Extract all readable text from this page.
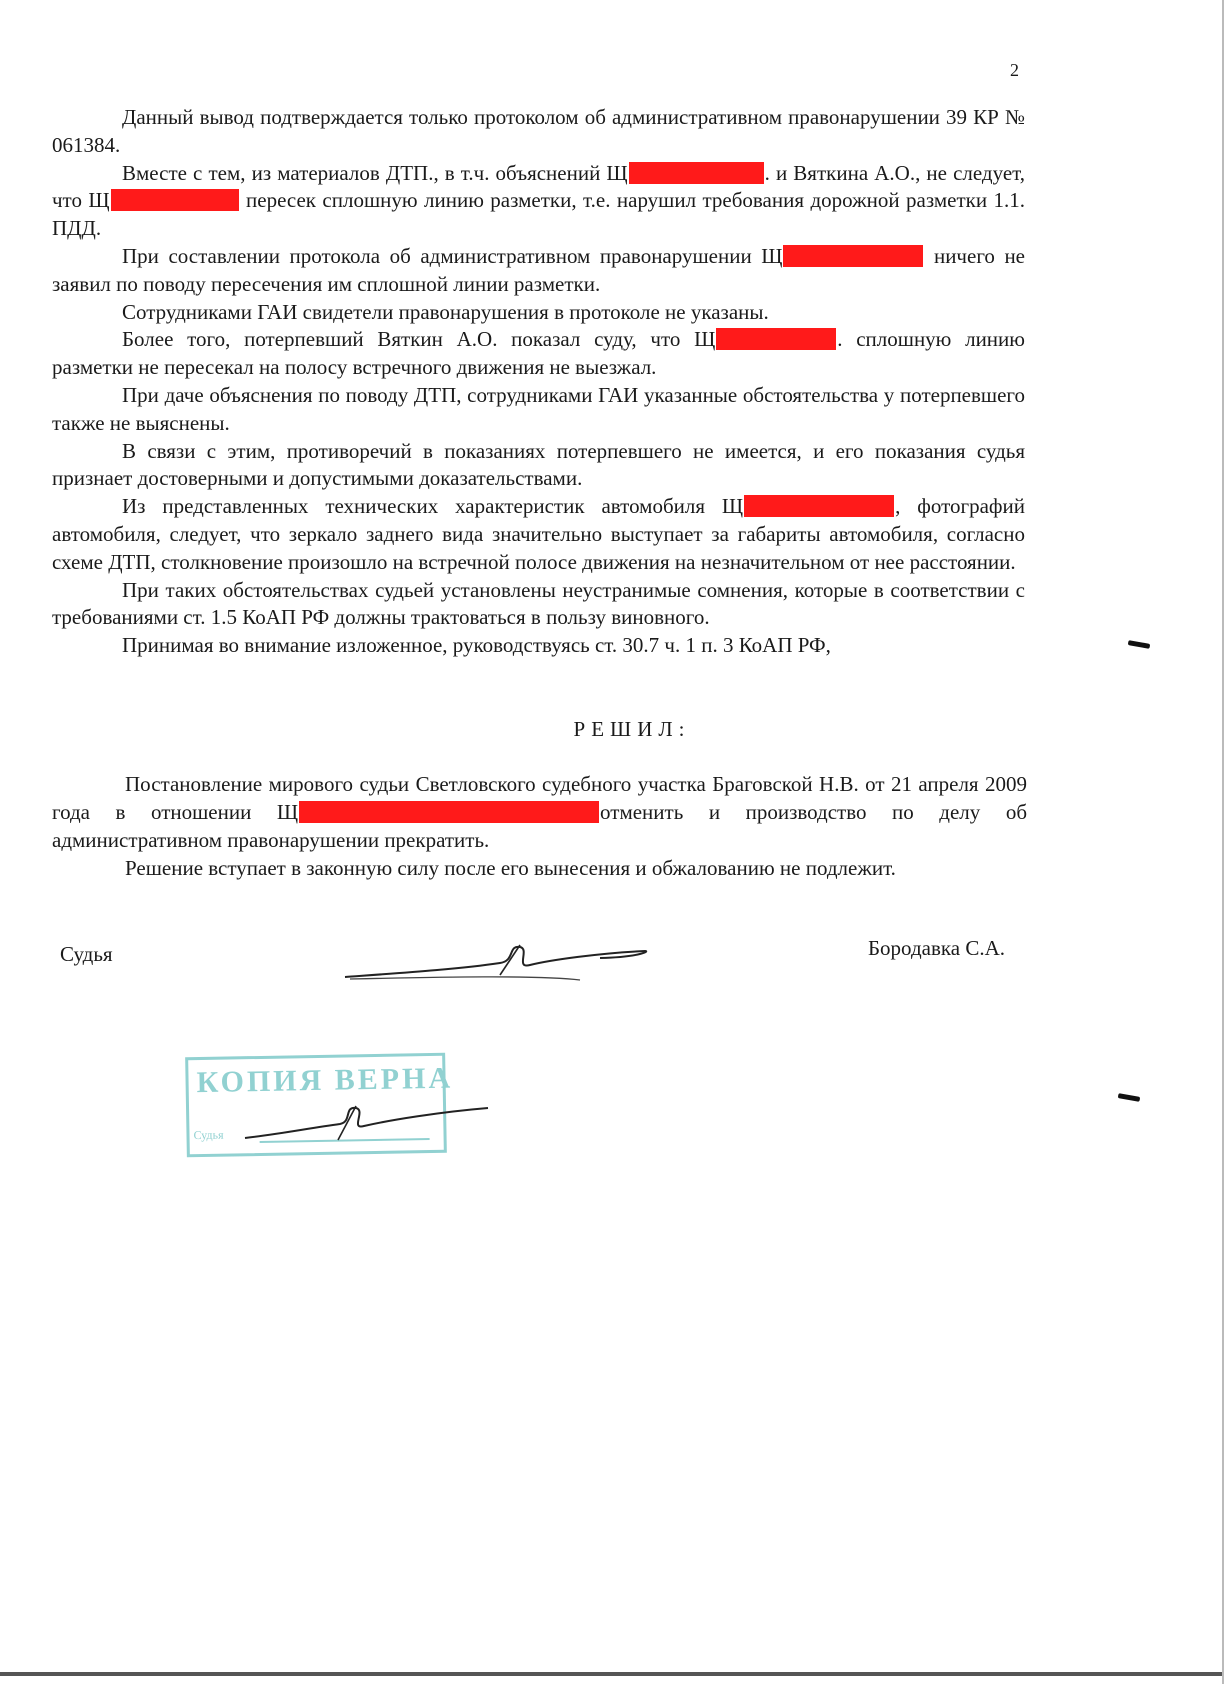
2

Данный вывод подтверждается только протоколом об административном правонарушении 39 КР № 061384.

Вместе с тем, из материалов ДТП., в т.ч. объяснений Щ	. и Вяткина А.О., не следует, что Щ	пересек сплошную линию разметки, т.е. нарушил требования дорожной разметки 1.1. ПДД.

При составлении протокола об административном правонарушении Щ	ничего не заявил по поводу пересечения им сплошной линии разметки.

Сотрудниками ГАИ свидетели правонарушения в протоколе не указаны.

Более того, потерпевший Вяткин А.О. показал суду, что Щ	. сплошную линию разметки не пересекал на полосу встречного движения не выезжал.

При даче объяснения по поводу ДТП, сотрудниками ГАИ указанные обстоятельства у потерпевшего также не выяснены.

В связи с этим, противоречий в показаниях потерпевшего не имеется, и его показания судья признает достоверными и допустимыми доказательствами.

Из представленных технических характеристик автомобиля Щ	, фотографий автомобиля, следует, что зеркало заднего вида значительно выступает за габариты автомобиля, согласно схеме ДТП, столкновение произошло на встречной полосе движения на незначительном от нее расстоянии.

При таких обстоятельствах судьей установлены неустранимые сомнения, которые в соответствии с требованиями ст. 1.5 КоАП РФ должны трактоваться в пользу виновного.

Принимая во внимание изложенное, руководствуясь ст. 30.7 ч. 1 п. 3 КоАП РФ,

РЕШИЛ:

Постановление мирового судьи Светловского судебного участка Браговской Н.В. от 21 апреля 2009 года в отношении Щ	отменить и производство по делу об административном правонарушении прекратить.

Решение вступает в законную силу после его вынесения и обжалованию не подлежит.

Судья	Бородавка С.А.
КОПИЯ ВЕРНА
Судья
